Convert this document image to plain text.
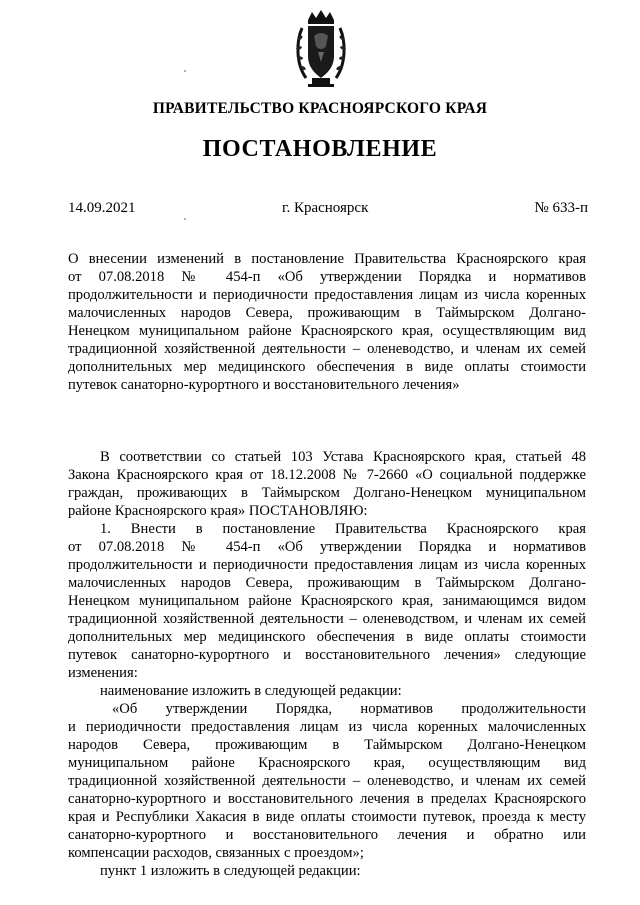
ПРАВИТЕЛЬСТВО КРАСНОЯРСКОГО КРАЯ
ПОСТАНОВЛЕНИЕ
14.09.2021	г. Красноярск	№ 633-п
О внесении изменений в постановление Правительства Красноярского края
от 07.08.2018 № 454-п «Об утверждении Порядка и нормативов
продолжительности и периодичности предоставления лицам из числа коренных
малочисленных народов Севера, проживающим в Таймырском Долгано-
Ненецком муниципальном районе Красноярского края, осуществляющим вид
традиционной хозяйственной деятельности – оленеводство, и членам их семей
дополнительных мер медицинского обеспечения в виде оплаты стоимости
путевок санаторно-курортного и восстановительного лечения»
В соответствии со статьей 103 Устава Красноярского края, статьей 48
Закона Красноярского края от 18.12.2008 № 7-2660 «О социальной поддержке
граждан, проживающих в Таймырском Долгано-Ненецком муниципальном
районе Красноярского края» ПОСТАНОВЛЯЮ:
1. Внести в постановление Правительства Красноярского края
от 07.08.2018 № 454-п «Об утверждении Порядка и нормативов
продолжительности и периодичности предоставления лицам из числа коренных
малочисленных народов Севера, проживающим в Таймырском Долгано-
Ненецком муниципальном районе Красноярского края, занимающимся видом
традиционной хозяйственной деятельности – оленеводством, и членам их семей
дополнительных мер медицинского обеспечения в виде оплаты стоимости
путевок санаторно-курортного и восстановительного лечения» следующие
изменения:
наименование изложить в следующей редакции:
«Об утверждении Порядка, нормативов продолжительности
и периодичности предоставления лицам из числа коренных малочисленных
народов Севера, проживающим в Таймырском Долгано-Ненецком
муниципальном районе Красноярского края, осуществляющим вид
традиционной хозяйственной деятельности – оленеводство, и членам их семей
санаторно-курортного и восстановительного лечения в пределах Красноярского
края и Республики Хакасия в виде оплаты стоимости путевок, проезда к месту
санаторно-курортного и восстановительного лечения и обратно или
компенсации расходов, связанных с проездом»;
пункт 1 изложить в следующей редакции:
